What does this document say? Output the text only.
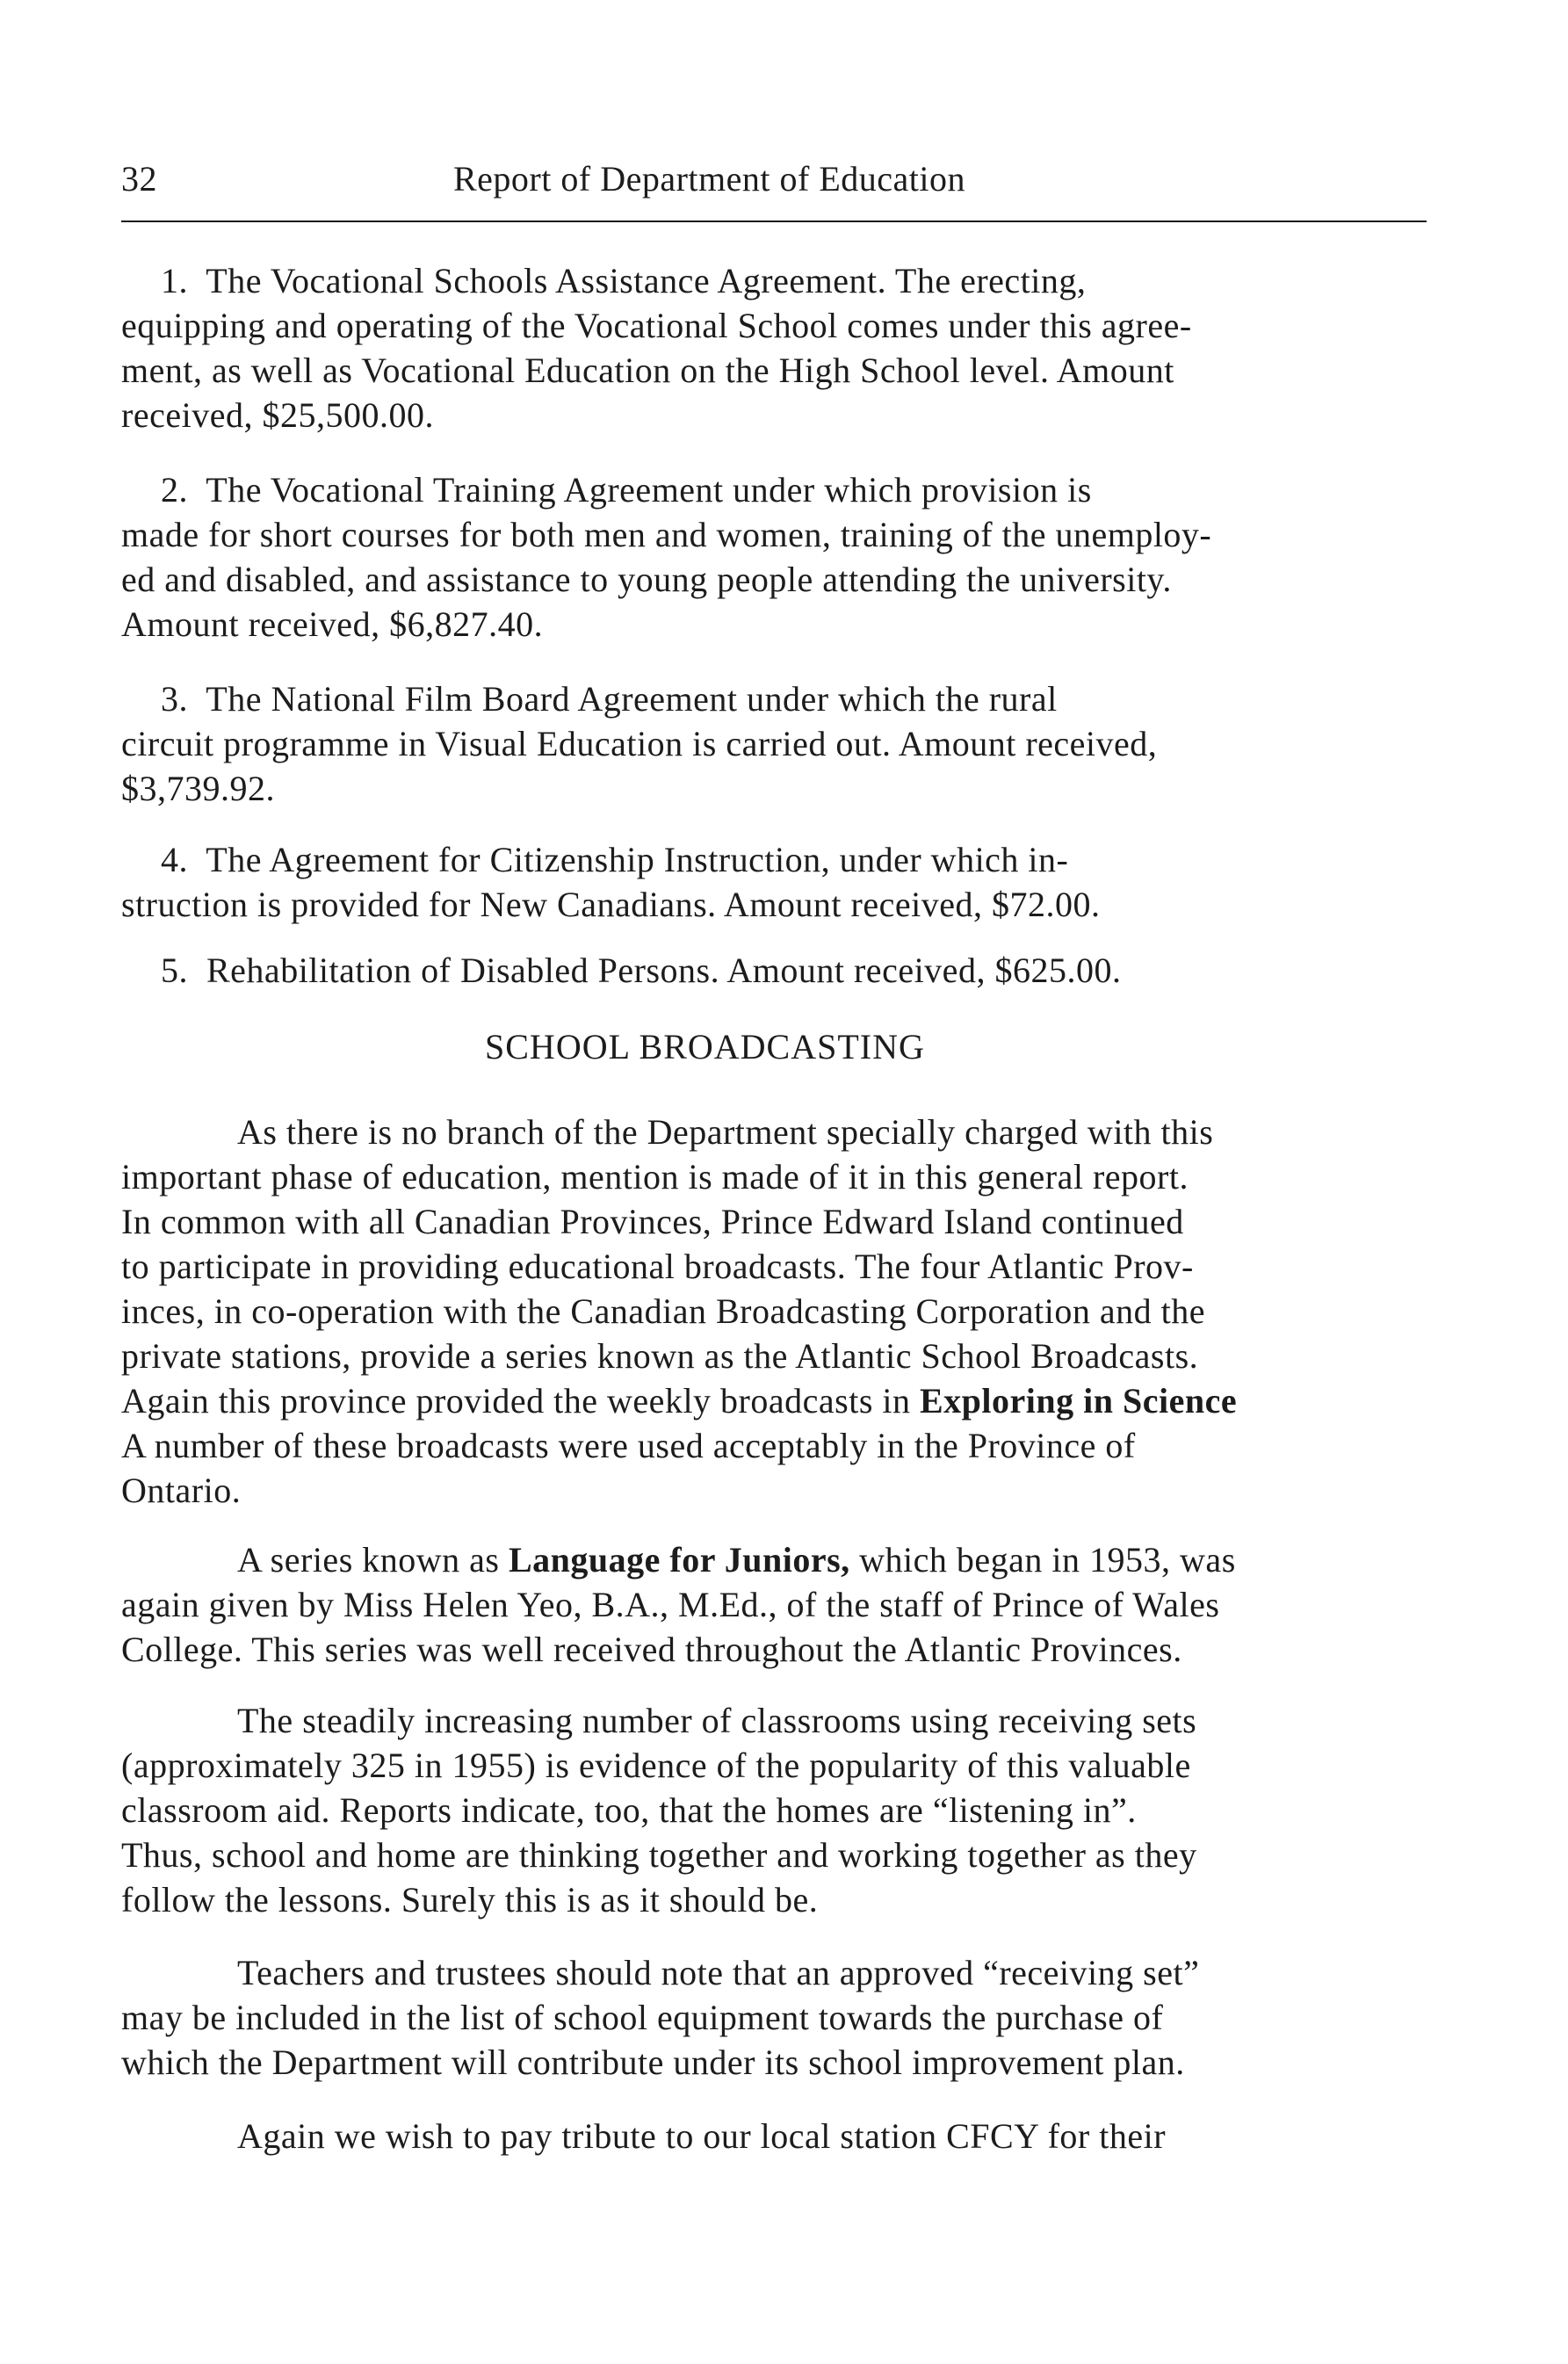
32	Report of Department of Education
1.  The Vocational Schools Assistance Agreement. The erecting,
equipping and operating of the Vocational School comes under this agree-
ment, as well as Vocational Education on the High School level. Amount
received, $25,500.00.
2.  The Vocational Training Agreement under which provision is
made for short courses for both men and women, training of the unemploy-
ed and disabled, and assistance to young people attending the university.
Amount received, $6,827.40.
3.  The National Film Board Agreement under which the rural
circuit programme in Visual Education is carried out. Amount received,
$3,739.92.
4.  The Agreement for Citizenship Instruction, under which in-
struction is provided for New Canadians. Amount received, $72.00.
5.  Rehabilitation of Disabled Persons. Amount received, $625.00.
SCHOOL BROADCASTING
As there is no branch of the Department specially charged with this
important phase of education, mention is made of it in this general report.
In common with all Canadian Provinces, Prince Edward Island continued
to participate in providing educational broadcasts. The four Atlantic Prov-
inces, in co-operation with the Canadian Broadcasting Corporation and the
private stations, provide a series known as the Atlantic School Broadcasts.
Again this province provided the weekly broadcasts in Exploring in Science
A number of these broadcasts were used acceptably in the Province of
Ontario.
A series known as Language for Juniors, which began in 1953, was
again given by Miss Helen Yeo, B.A., M.Ed., of the staff of Prince of Wales
College. This series was well received throughout the Atlantic Provinces.
The steadily increasing number of classrooms using receiving sets
(approximately 325 in 1955) is evidence of the popularity of this valuable
classroom aid. Reports indicate, too, that the homes are “listening in”.
Thus, school and home are thinking together and working together as they
follow the lessons. Surely this is as it should be.
Teachers and trustees should note that an approved “receiving set”
may be included in the list of school equipment towards the purchase of
which the Department will contribute under its school improvement plan.
Again we wish to pay tribute to our local station CFCY for their
